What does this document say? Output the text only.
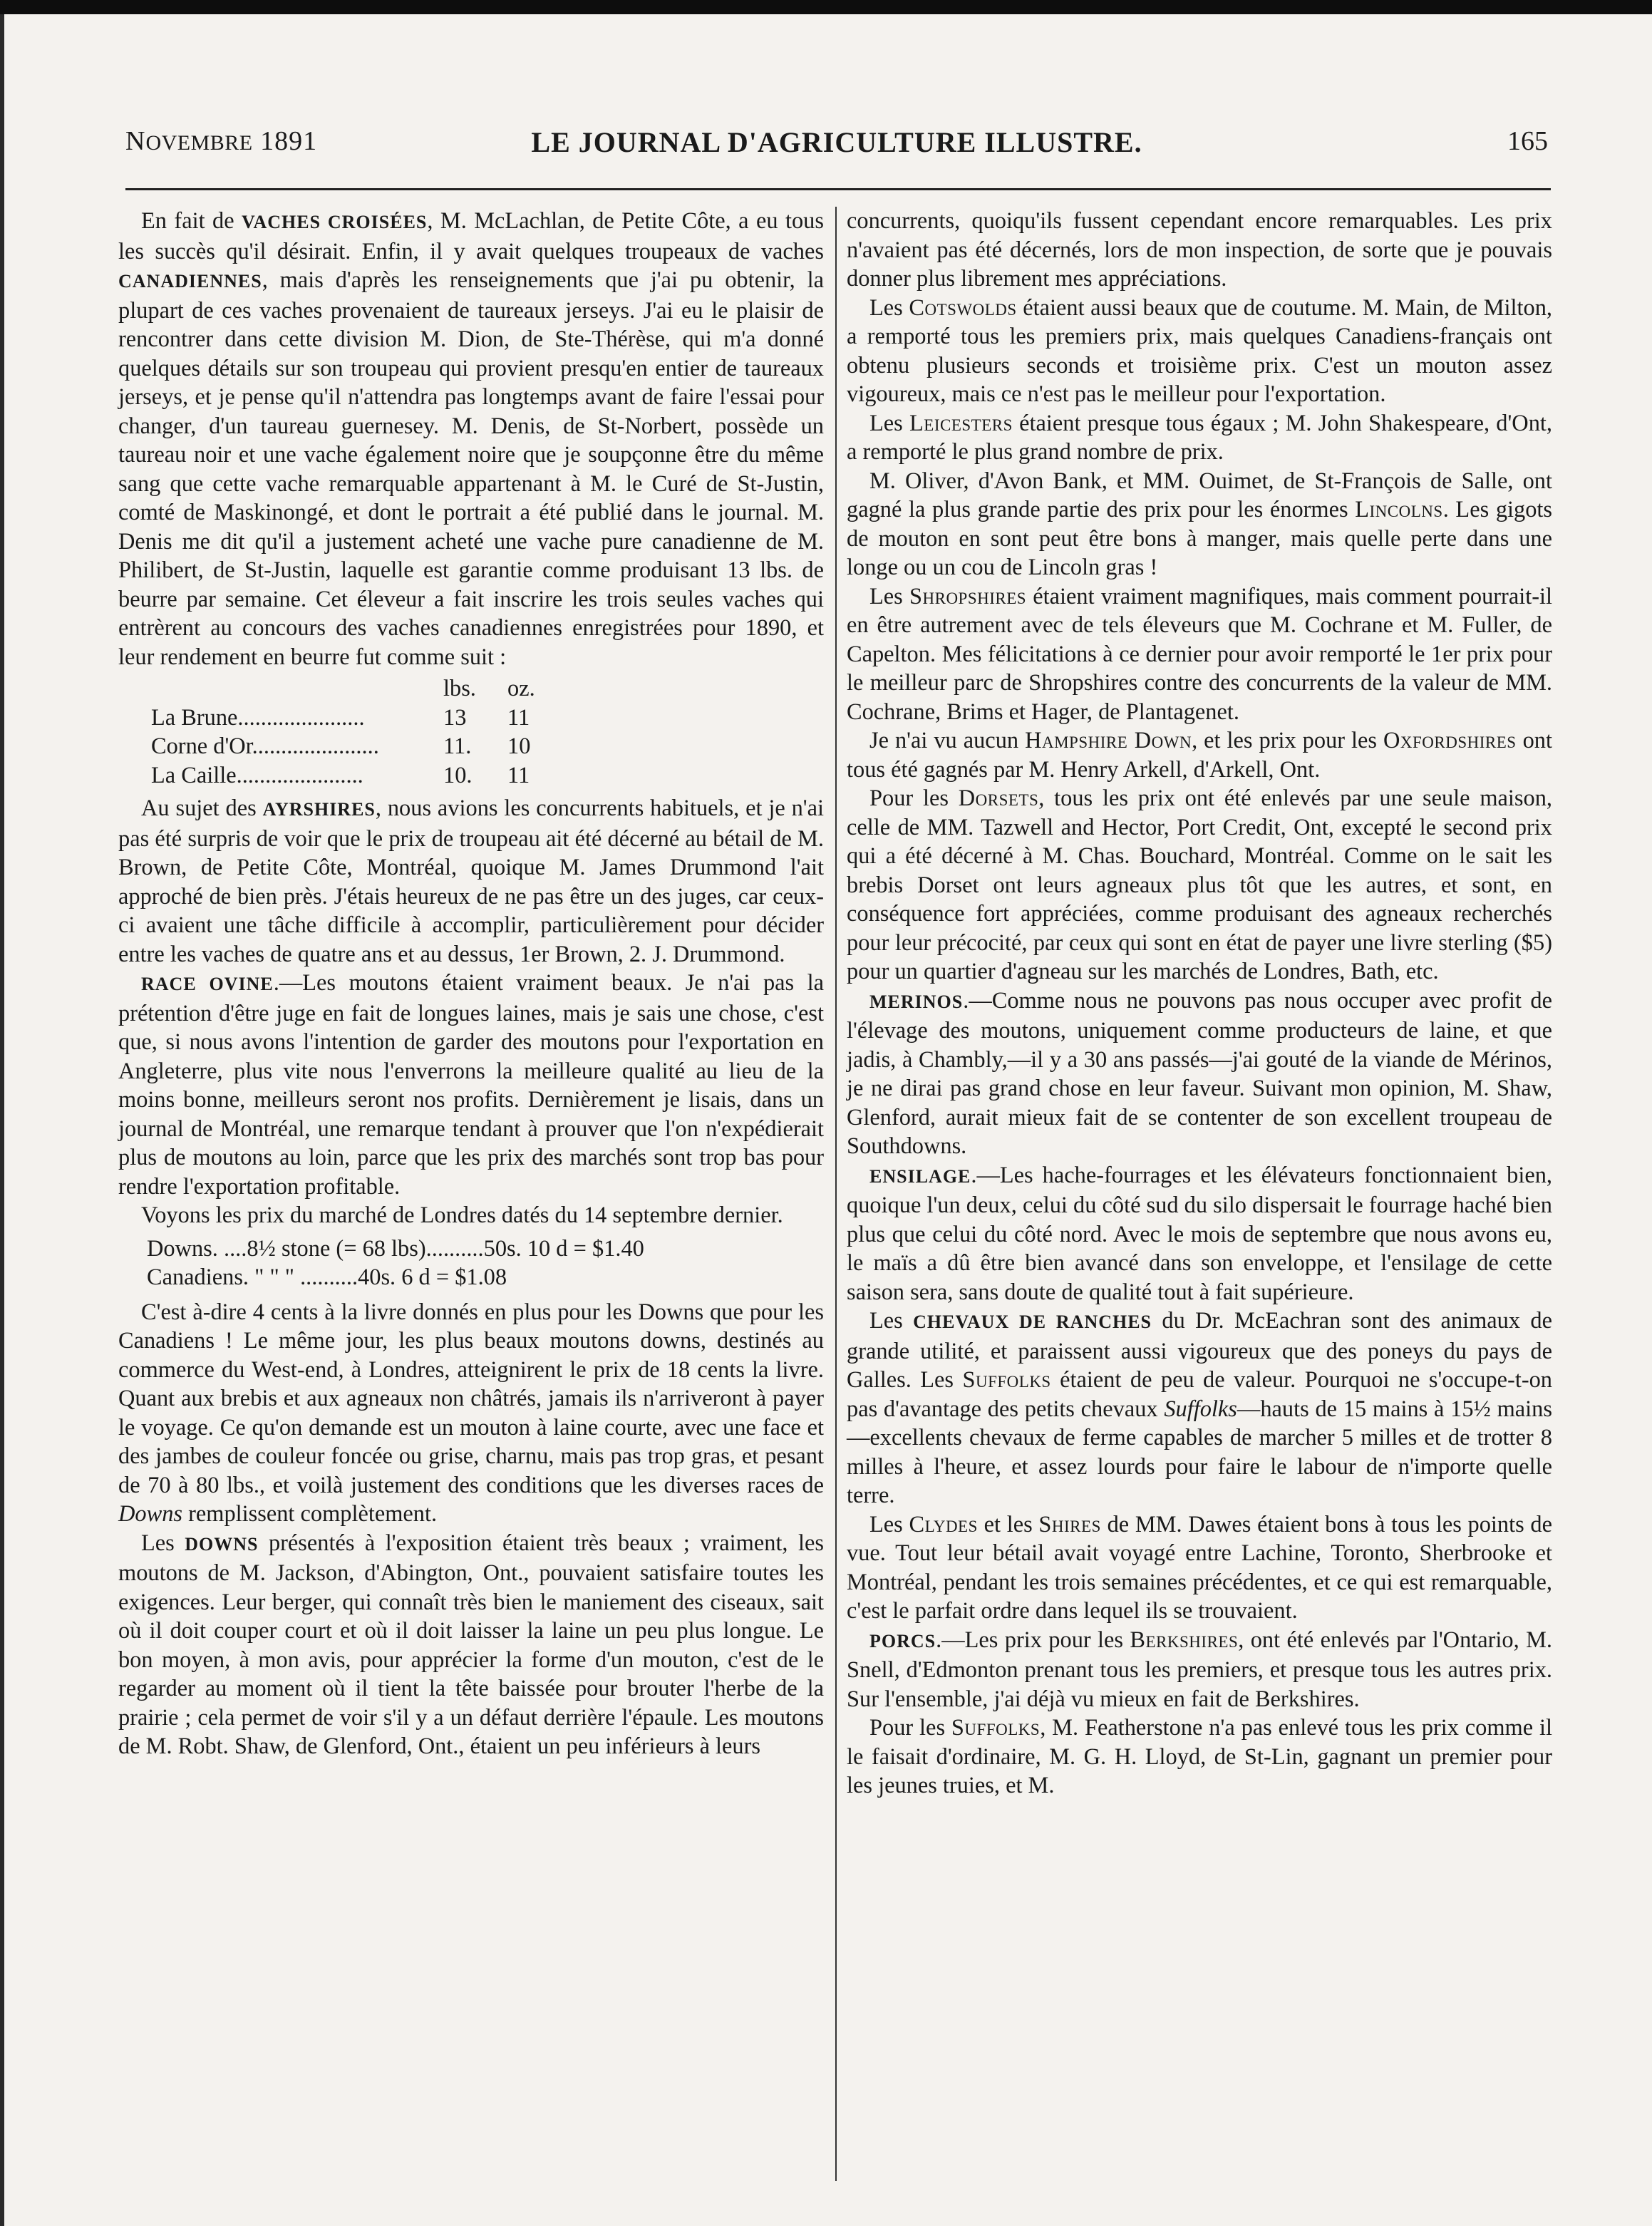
NOVEMBRE 1891	LE JOURNAL D'AGRICULTURE ILLUSTRE.	165

En fait de VACHES CROISÉES, M. McLachlan, de Petite Côte, a eu tous les succès qu'il désirait. Enfin, il y avait quelques troupeaux de vaches CANADIENNES, mais d'après les renseignements que j'ai pu obtenir, la plupart de ces vaches provenaient de taureaux jerseys. J'ai eu le plaisir de rencontrer dans cette division M. Dion, de Ste-Thérèse, qui m'a donné quelques détails sur son troupeau qui provient presqu'en entier de taureaux jerseys, et je pense qu'il n'attendra pas longtemps avant de faire l'essai pour changer, d'un taureau guernesey. M. Denis, de St-Norbert, possède un taureau noir et une vache également noire que je soupçonne être du même sang que cette vache remarquable appartenant à M. le Curé de St-Justin, comté de Maskinongé, et dont le portrait a été publié dans le journal. M. Denis me dit qu'il a justement acheté une vache pure canadienne de M. Philibert, de St-Justin, laquelle est garantie comme produisant 13 lbs. de beurre par semaine. Cet éleveur a fait inscrire les trois seules vaches qui entrèrent au concours des vaches canadiennes enregistrées pour 1890, et leur rendement en beurre fut comme suit :

	lbs.	oz.
La Brune......................	13	11
Corne d'Or......................	11.	10
La Caille......................	10.	11

Au sujet des AYRSHIRES, nous avions les concurrents habituels, et je n'ai pas été surpris de voir que le prix de troupeau ait été décerné au bétail de M. Brown, de Petite Côte, Montréal, quoique M. James Drummond l'ait approché de bien près. J'étais heureux de ne pas être un des juges, car ceux-ci avaient une tâche difficile à accomplir, particulièrement pour décider entre les vaches de quatre ans et au dessus, 1er Brown, 2. J. Drummond.

RACE OVINE.—Les moutons étaient vraiment beaux. Je n'ai pas la prétention d'être juge en fait de longues laines, mais je sais une chose, c'est que, si nous avons l'intention de garder des moutons pour l'exportation en Angleterre, plus vite nous l'enverrons la meilleure qualité au lieu de la moins bonne, meilleurs seront nos profits. Dernièrement je lisais, dans un journal de Montréal, une remarque tendant à prouver que l'on n'expédierait plus de moutons au loin, parce que les prix des marchés sont trop bas pour rendre l'exportation profitable.

Voyons les prix du marché de Londres datés du 14 septembre dernier.

Downs. ....8½ stone (= 68 lbs)..........50s. 10 d = $1.40
Canadiens. " " " ..........40s. 6 d = $1.08

C'est à-dire 4 cents à la livre donnés en plus pour les Downs que pour les Canadiens ! Le même jour, les plus beaux moutons downs, destinés au commerce du West-end, à Londres, atteignirent le prix de 18 cents la livre. Quant aux brebis et aux agneaux non châtrés, jamais ils n'arriveront à payer le voyage. Ce qu'on demande est un mouton à laine courte, avec une face et des jambes de couleur foncée ou grise, charnu, mais pas trop gras, et pesant de 70 à 80 lbs., et voilà justement des conditions que les diverses races de Downs remplissent complètement.

Les DOWNS présentés à l'exposition étaient très beaux ; vraiment, les moutons de M. Jackson, d'Abington, Ont., pouvaient satisfaire toutes les exigences. Leur berger, qui connaît très bien le maniement des ciseaux, sait où il doit couper court et où il doit laisser la laine un peu plus longue. Le bon moyen, à mon avis, pour apprécier la forme d'un mouton, c'est de le regarder au moment où il tient la tête baissée pour brouter l'herbe de la prairie ; cela permet de voir s'il y a un défaut derrière l'épaule. Les moutons de M. Robt. Shaw, de Glenford, Ont., étaient un peu inférieurs à leurs

concurrents, quoiqu'ils fussent cependant encore remarquables. Les prix n'avaient pas été décernés, lors de mon inspection, de sorte que je pouvais donner plus librement mes appréciations.

Les Cotswolds étaient aussi beaux que de coutume. M. Main, de Milton, a remporté tous les premiers prix, mais quelques Canadiens-français ont obtenu plusieurs seconds et troisième prix. C'est un mouton assez vigoureux, mais ce n'est pas le meilleur pour l'exportation.

Les Leicesters étaient presque tous égaux ; M. John Shakespeare, d'Ont, a remporté le plus grand nombre de prix.

M. Oliver, d'Avon Bank, et MM. Ouimet, de St-François de Salle, ont gagné la plus grande partie des prix pour les énormes Lincolns. Les gigots de mouton en sont peut être bons à manger, mais quelle perte dans une longe ou un cou de Lincoln gras !

Les Shropshires étaient vraiment magnifiques, mais comment pourrait-il en être autrement avec de tels éleveurs que M. Cochrane et M. Fuller, de Capelton. Mes félicitations à ce dernier pour avoir remporté le 1er prix pour le meilleur parc de Shropshires contre des concurrents de la valeur de MM. Cochrane, Brims et Hager, de Plantagenet.

Je n'ai vu aucun Hampshire Down, et les prix pour les Oxfordshires ont tous été gagnés par M. Henry Arkell, d'Arkell, Ont.

Pour les Dorsets, tous les prix ont été enlevés par une seule maison, celle de MM. Tazwell and Hector, Port Credit, Ont, excepté le second prix qui a été décerné à M. Chas. Bouchard, Montréal. Comme on le sait les brebis Dorset ont leurs agneaux plus tôt que les autres, et sont, en conséquence fort appréciées, comme produisant des agneaux recherchés pour leur précocité, par ceux qui sont en état de payer une livre sterling ($5) pour un quartier d'agneau sur les marchés de Londres, Bath, etc.

MERINOS.—Comme nous ne pouvons pas nous occuper avec profit de l'élevage des moutons, uniquement comme producteurs de laine, et que jadis, à Chambly,—il y a 30 ans passés—j'ai gouté de la viande de Mérinos, je ne dirai pas grand chose en leur faveur. Suivant mon opinion, M. Shaw, Glenford, aurait mieux fait de se contenter de son excellent troupeau de Southdowns.

ENSILAGE.—Les hache-fourrages et les élévateurs fonctionnaient bien, quoique l'un deux, celui du côté sud du silo dispersait le fourrage haché bien plus que celui du côté nord. Avec le mois de septembre que nous avons eu, le maïs a dû être bien avancé dans son enveloppe, et l'ensilage de cette saison sera, sans doute de qualité tout à fait supérieure.

Les CHEVAUX DE RANCHES du Dr. McEachran sont des animaux de grande utilité, et paraissent aussi vigoureux que des poneys du pays de Galles. Les Suffolks étaient de peu de valeur. Pourquoi ne s'occupe-t-on pas d'avantage des petits chevaux Suffolks—hauts de 15 mains à 15½ mains—excellents chevaux de ferme capables de marcher 5 milles et de trotter 8 milles à l'heure, et assez lourds pour faire le labour de n'importe quelle terre.

Les Clydes et les Shires de MM. Dawes étaient bons à tous les points de vue. Tout leur bétail avait voyagé entre Lachine, Toronto, Sherbrooke et Montréal, pendant les trois semaines précédentes, et ce qui est remarquable, c'est le parfait ordre dans lequel ils se trouvaient.

PORCS.—Les prix pour les Berkshires, ont été enlevés par l'Ontario, M. Snell, d'Edmonton prenant tous les premiers, et presque tous les autres prix. Sur l'ensemble, j'ai déjà vu mieux en fait de Berkshires.

Pour les Suffolks, M. Featherstone n'a pas enlevé tous les prix comme il le faisait d'ordinaire, M. G. H. Lloyd, de St-Lin, gagnant un premier pour les jeunes truies, et M.
